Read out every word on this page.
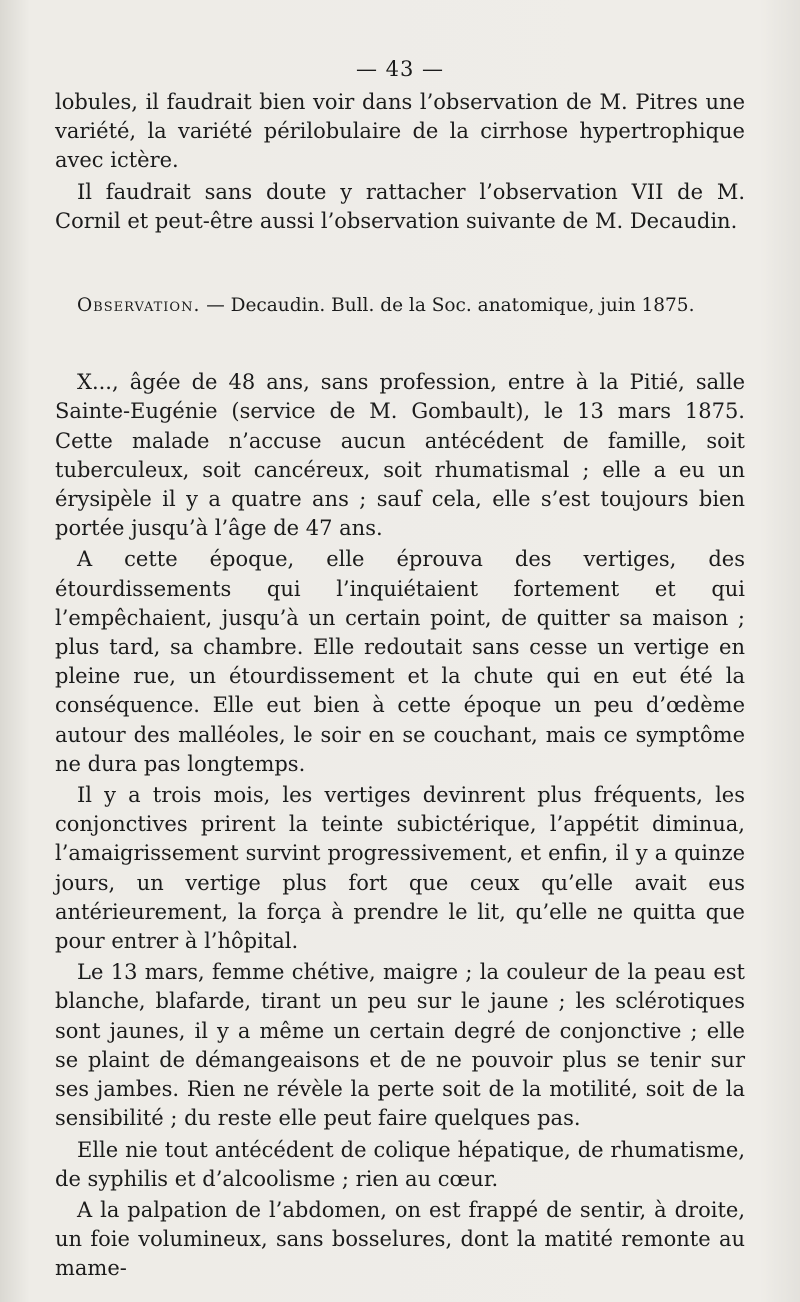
— 43 —

lobules, il faudrait bien voir dans l’observation de M. Pitres une variété, la variété périlobulaire de la cirrhose hypertrophique avec ictère.

Il faudrait sans doute y rattacher l’observation VII de M. Cornil et peut-être aussi l’observation suivante de M. Decaudin.

Observation. — Decaudin. Bull. de la Soc. anatomique, juin 1875.

X..., âgée de 48 ans, sans profession, entre à la Pitié, salle Sainte-Eugénie (service de M. Gombault), le 13 mars 1875. Cette malade n’accuse aucun antécédent de famille, soit tuberculeux, soit cancéreux, soit rhumatismal ; elle a eu un érysipèle il y a quatre ans ; sauf cela, elle s’est toujours bien portée jusqu’à l’âge de 47 ans.

A cette époque, elle éprouva des vertiges, des étourdissements qui l’inquiétaient fortement et qui l’empêchaient, jusqu’à un certain point, de quitter sa maison ; plus tard, sa chambre. Elle redoutait sans cesse un vertige en pleine rue, un étourdissement et la chute qui en eut été la conséquence. Elle eut bien à cette époque un peu d’œdème autour des malléoles, le soir en se couchant, mais ce symptôme ne dura pas longtemps.

Il y a trois mois, les vertiges devinrent plus fréquents, les conjonctives prirent la teinte subictérique, l’appétit diminua, l’amaigrissement survint progressivement, et enfin, il y a quinze jours, un vertige plus fort que ceux qu’elle avait eus antérieurement, la força à prendre le lit, qu’elle ne quitta que pour entrer à l’hôpital.

Le 13 mars, femme chétive, maigre ; la couleur de la peau est blanche, blafarde, tirant un peu sur le jaune ; les sclérotiques sont jaunes, il y a même un certain degré de conjonctive ; elle se plaint de démangeaisons et de ne pouvoir plus se tenir sur ses jambes. Rien ne révèle la perte soit de la motilité, soit de la sensibilité ; du reste elle peut faire quelques pas.

Elle nie tout antécédent de colique hépatique, de rhumatisme, de syphilis et d’alcoolisme ; rien au cœur.

A la palpation de l’abdomen, on est frappé de sentir, à droite, un foie volumineux, sans bosselures, dont la matité remonte au mame-
